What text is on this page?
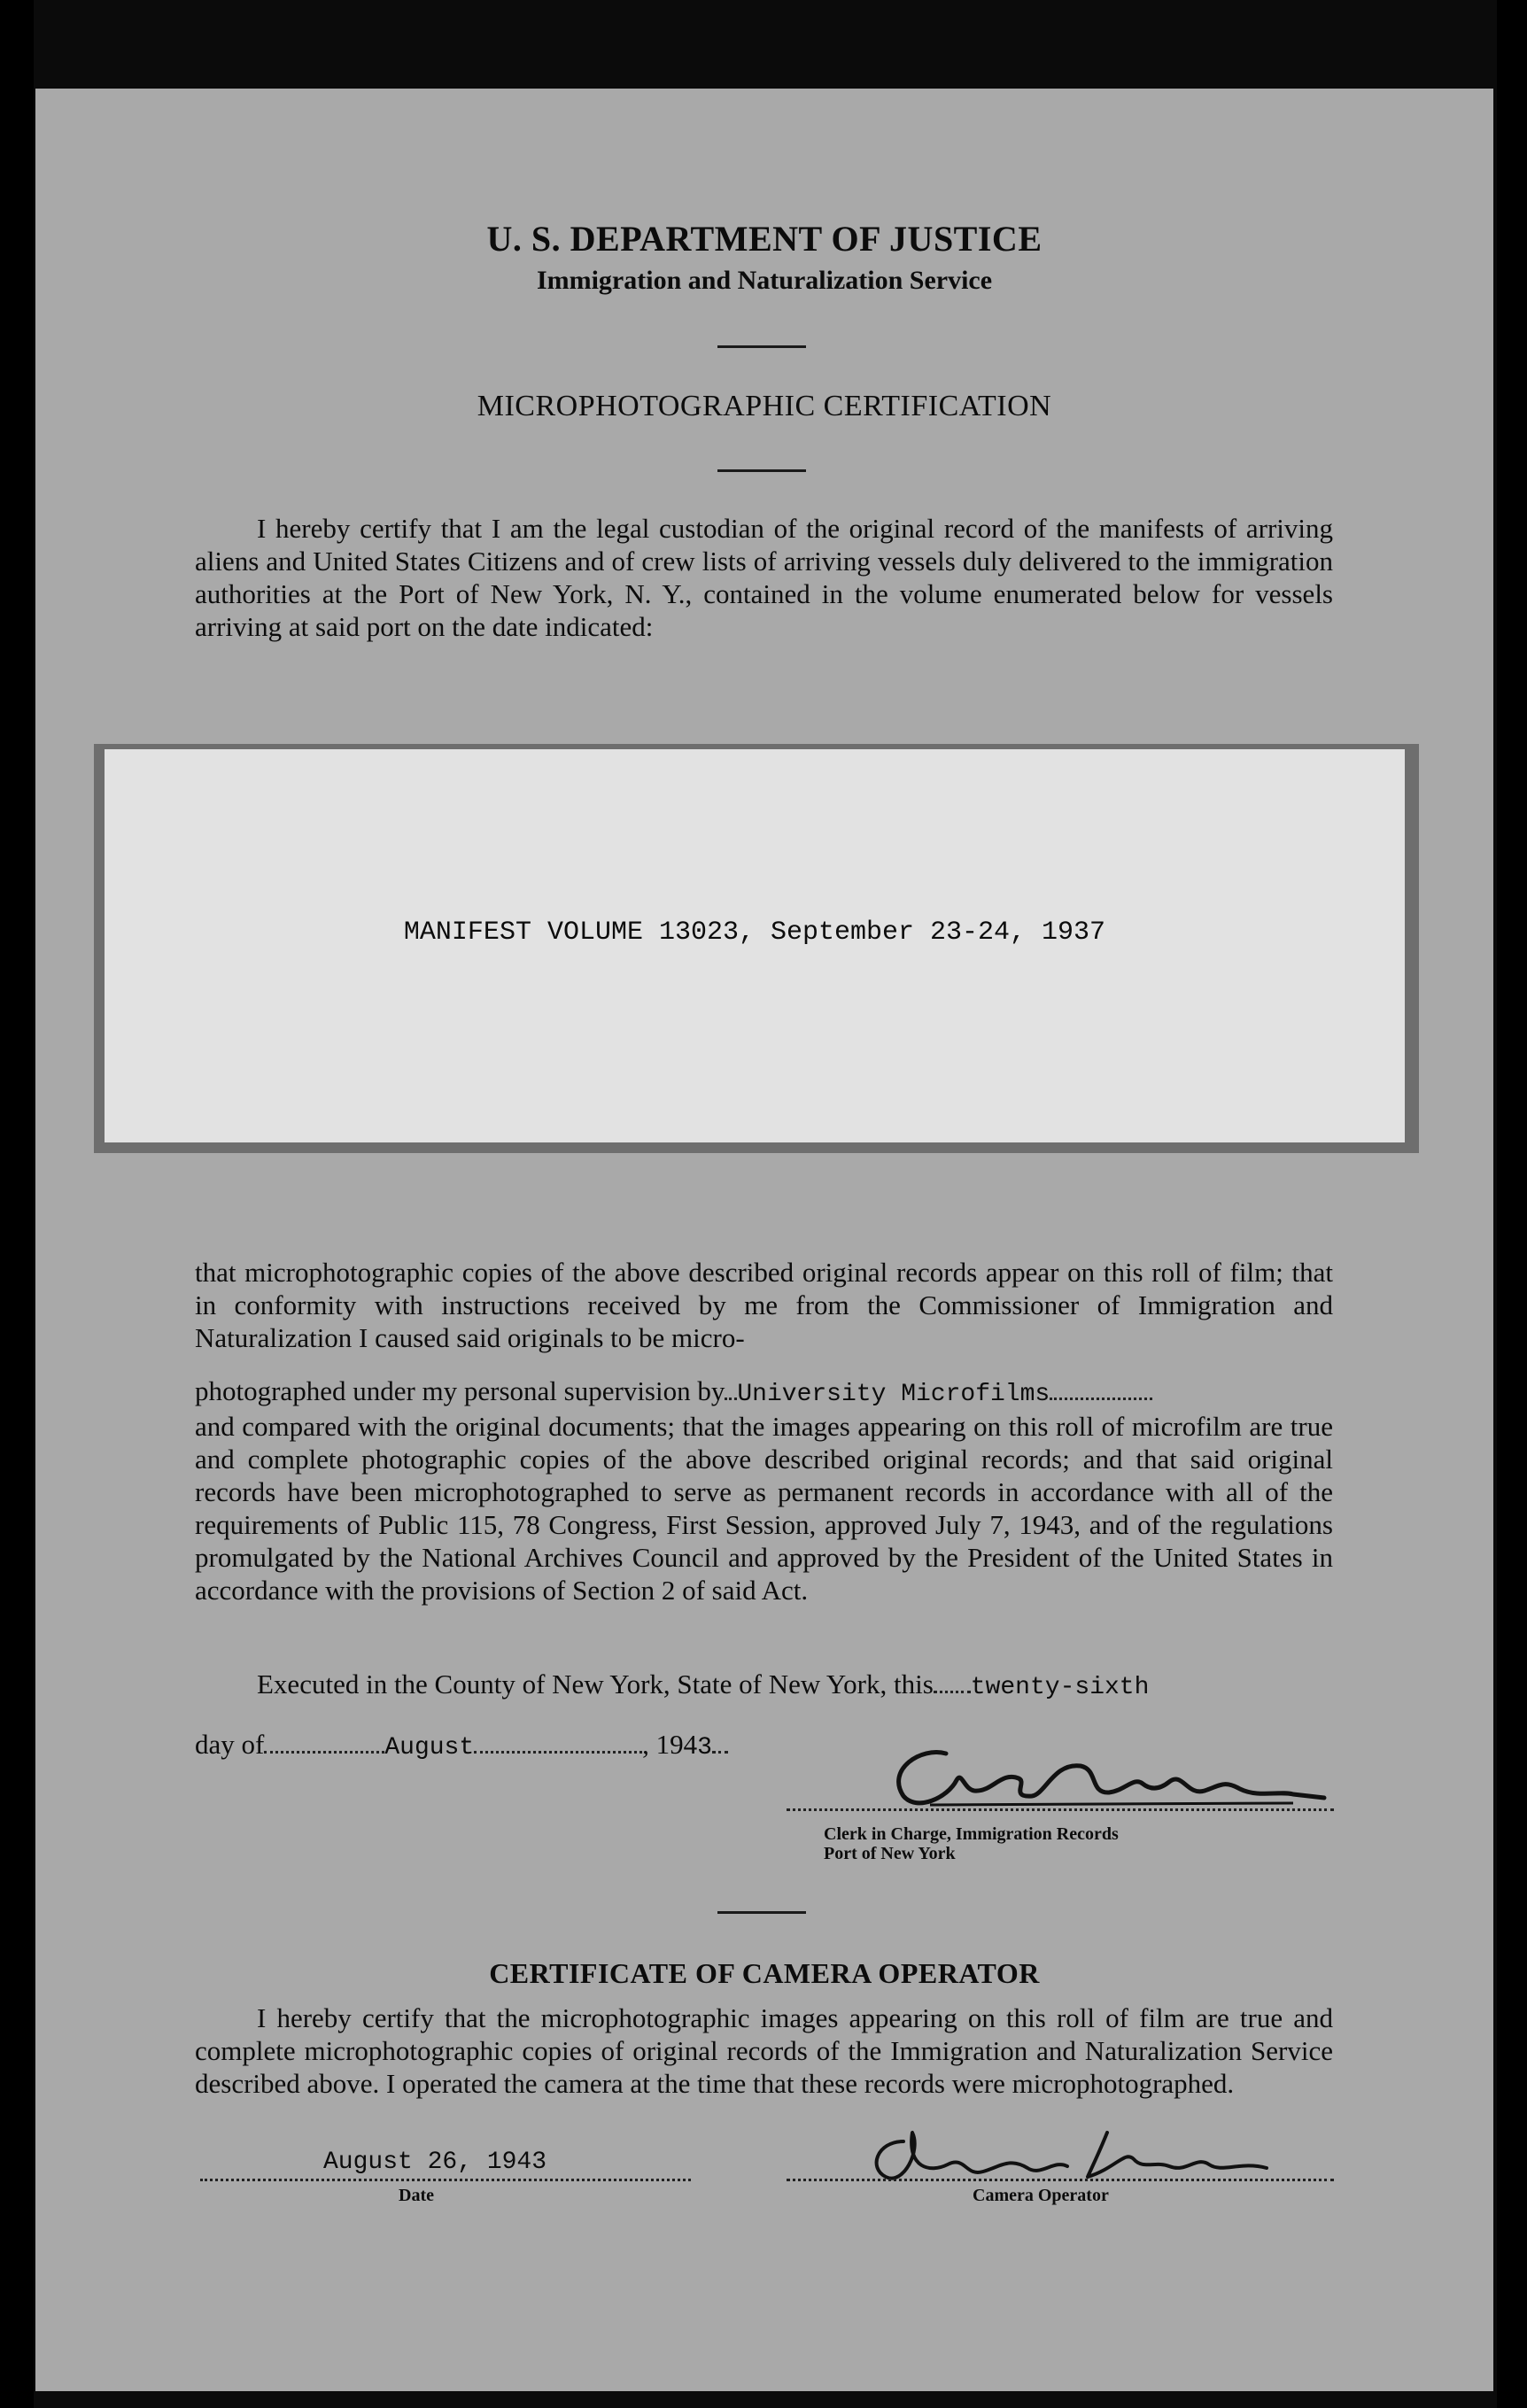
U. S. DEPARTMENT OF JUSTICE
Immigration and Naturalization Service
MICROPHOTOGRAPHIC CERTIFICATION
I hereby certify that I am the legal custodian of the original record of the manifests of arriving aliens and United States Citizens and of crew lists of arriving vessels duly delivered to the immigration authorities at the Port of New York, N. Y., contained in the volume enumerated below for vessels arriving at said port on the date indicated:
MANIFEST VOLUME 13023, September 23-24, 1937
that microphotographic copies of the above described original records appear on this roll of film; that in conformity with instructions received by me from the Commissioner of Immigration and Naturalization I caused said originals to be micro-
photographed under my personal supervision by University Microfilms
and compared with the original documents; that the images appearing on this roll of microfilm are true and complete photographic copies of the above described original records; and that said original records have been microphotographed to serve as permanent records in accordance with all of the requirements of Public 115, 78 Congress, First Session, approved July 7, 1943, and of the regulations promulgated by the National Archives Council and approved by the President of the United States in accordance with the provisions of Section 2 of said Act.
Executed in the County of New York, State of New York, this twenty-sixth
day of	August	, 1943
Clerk in Charge, Immigration Records
Port of New York
CERTIFICATE OF CAMERA OPERATOR
I hereby certify that the microphotographic images appearing on this roll of film are true and complete microphotographic copies of original records of the Immigration and Naturalization Service described above. I operated the camera at the time that these records were microphotographed.
August 26, 1943
Date	Camera Operator
